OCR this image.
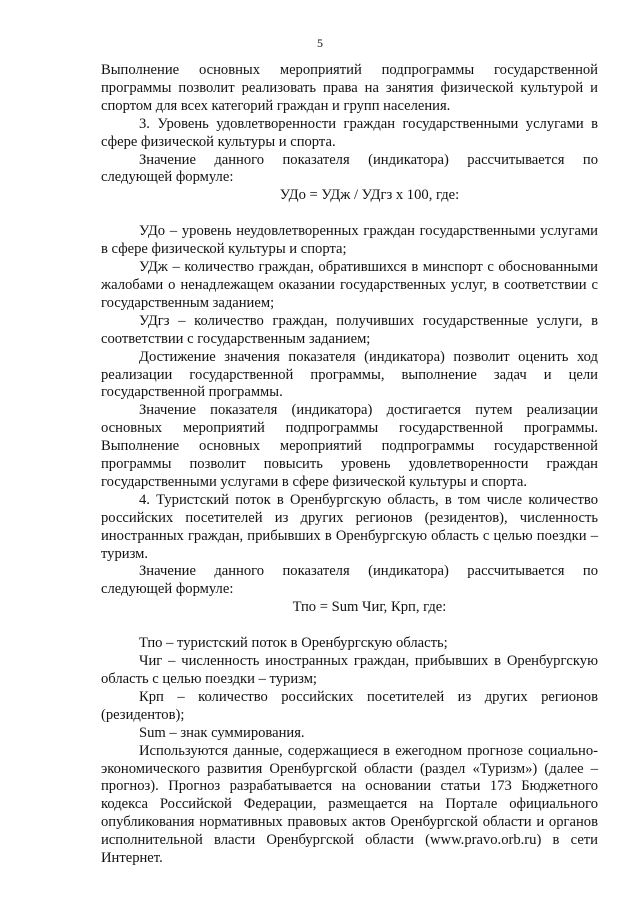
5

Выполнение основных мероприятий подпрограммы государственной программы позволит реализовать права на занятия физической культурой и спортом для всех категорий граждан и групп населения.

3. Уровень удовлетворенности граждан государственными услугами в сфере физической культуры и спорта.

Значение данного показателя (индикатора) рассчитывается по следующей формуле:

УДо = УДж / УДгз х 100, где:

УДо – уровень неудовлетворенных граждан государственными услугами в сфере физической культуры и спорта;

УДж – количество граждан, обратившихся в минспорт с обоснованными жалобами о ненадлежащем оказании государственных услуг, в соответствии с государственным заданием;

УДгз – количество граждан, получивших государственные услуги, в соответствии с государственным заданием;

Достижение значения показателя (индикатора) позволит оценить ход реализации государственной программы, выполнение задач и цели государственной программы.

Значение показателя (индикатора) достигается путем реализации основных мероприятий подпрограммы государственной программы. Выполнение основных мероприятий подпрограммы государственной программы позволит повысить уровень удовлетворенности граждан государственными услугами в сфере физической культуры и спорта.

4. Туристский поток в Оренбургскую область, в том числе количество российских посетителей из других регионов (резидентов), численность иностранных граждан, прибывших в Оренбургскую область с целью поездки – туризм.

Значение данного показателя (индикатора) рассчитывается по следующей формуле:

Тпо = Sum Чиг, Крп, где:

Тпо – туристский поток в Оренбургскую область;

Чиг – численность иностранных граждан, прибывших в Оренбургскую область с целью поездки – туризм;

Крп – количество российских посетителей из других регионов (резидентов);

Sum – знак суммирования.

Используются данные, содержащиеся в ежегодном прогнозе социально-экономического развития Оренбургской области (раздел «Туризм») (далее – прогноз). Прогноз разрабатывается на основании статьи 173 Бюджетного кодекса Российской Федерации, размещается на Портале официального опубликования нормативных правовых актов Оренбургской области и органов исполнительной власти Оренбургской области (www.pravo.orb.ru) в сети Интернет.
